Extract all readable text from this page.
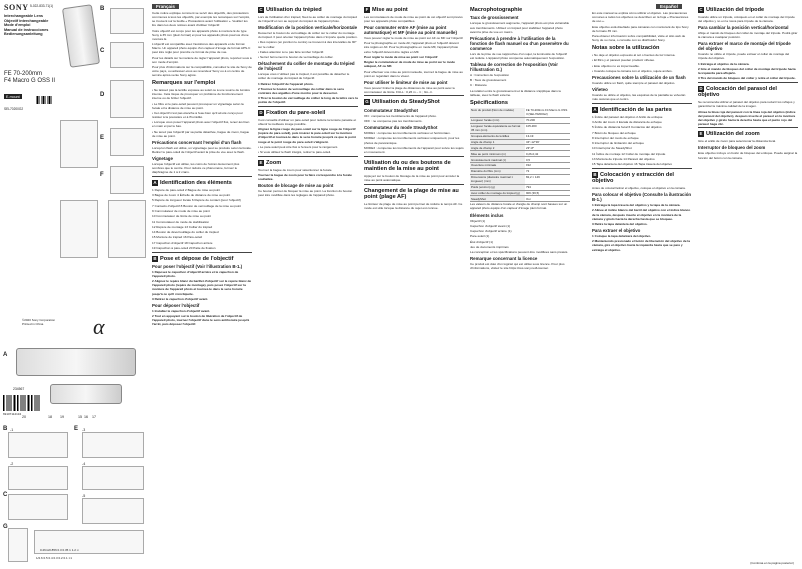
SONY 5-022-833-71(1)
Interchangeable Lens
Objectif interchangeable
Mode d'emploi
Manual de instrucciones
Bedienungsanleitung
FE 70-200mm
F4 Macro G OSS II
E-mount
SEL70200G2
B
C
D
E
F
©2020 Sony Corporation
Printed in China	α
A
234567
69107112134
20	18 19	15 16 17
B -1
-2
C
G
E -3
-4
-5
0.26m/0.85ft 0.3 0.35 1 1.2 ∞
1/2.6 0.5 0.4 0.3 0.2 0.1 ×1
Français

Cette notice explique comment se servir des objectifs, des précautions communes à tous les objectifs, par exemple les remarques sur l'emploi, se trouvent sur la feuille « Précautions avant l'utilisation ». Veuillez les lire dans les deux notices avant d'utiliser l'objectif.

Votre objectif est conçu pour les appareils photo à monture E de type Sony à 35 mm (plein format) et pour les appareils photo pourvus d'une monture E.

L'objectif est compatible avec l'autofocus des appareils et de format Macro. Un appareil photo équipé d'un capteur d'image de format APS-C peut être réglé pour prendre ce format de prise de vue.

Pour les détails sur la manière de régler l'appareil photo, reportez-vous à son mode d'emploi.

Pour plus d'informations sur la compatibilité, consultez le site de Sony de votre pays, ou adressez-vous au revendeur Sony ou à un centre de service après-vente Sony agréé.

Remarques sur l'emploi
• Ne laissez pas la lentille exposée au soleil ou à une source de lumière intense. Cela risque de provoquer un problème de fonctionnement interne ou de brûler l'objectif.
• Le filtre et le pare-soleil peuvent provoquer un vignettage selon la focale et la distance de mise au point.
• Cet objectif n'est pas étanche à l'eau bien qu'il ait été conçu pour résister à la poussière et à l'humidité.
• Lorsque vous posez l'appareil photo avec l'objectif fixé, tenez-les bien en main et par le bas.
• Ne tenez pas l'objectif par sa partie détachée, bague de zoom, bague de mise au point.
Précautions concernant l'emploi d'un flash

Lorsqu'un flash est utilisé, un vignettage peut se produire selon la focale. Retirez le pare-soleil de l'objectif avant la prise de vue avec le flash.

Vignetage

Lorsque l'objectif est utilisé, les coins de l'écran deviennent plus sombres que le centre. Pour réduire ce phénomène, fermez le diaphragme de 1 à 2 crans.

A Identification des éléments

1 Repère de pare-soleil 2 Bague de mise au point

3 Bague de zoom 4 Échelle de distance de mise au point

5 Repère de longueur focale 6 Repère de contact (pour l'objectif)

7 Contacts d'objectif 8 Bouton de verrouillage de la mise au point

9 Commutateur de mode de mise au point

10 Commutateur de limite de mise au point

11 Commutateur de mode de stabilisation

12 Repère de montage 13 Collier du trépied

14 Bouton de déverrouillage du collier du trépied

15 Monture de trépied 16 Pare-soleil

17 Capuchon d'objectif 18 Capuchon arrière

19 Capuchon à pare-soleil 20 Patte de fixation

B Pose et dépose de l'objectif
Pour poser l'objectif (Voir l'illustration B-1.)

1 Déposez le capuchon d'objectif arrière et le capuchon de l'appareil photo.

2 Alignez le repère blanc du barillet d'objectif sur le repère blanc de l'appareil photo (repère de montage), puis posez l'objectif sur la monture de l'appareil photo et tournez-le dans le sens horaire jusqu'à ce qu'il s'encliquète.

3 Retirez le capuchon d'objectif avant.

Pour déposer l'objectif

1 Installez le capuchon d'objectif avant.

2 Tout en appuyant sur le bouton de libération de l'objectif de l'appareil photo, tournez l'objectif dans le sens antihoraire jusqu'à l'arrêt, puis déposez l'objectif.

C Utilisation du trépied

Lors de l'utilisation d'un trépied, fixez-le au collier de montage du trépied de l'objectif et non au support du trépied de l'appareil photo.

Modification de la position verticale/horizontale

Desserrez le bouton de verrouillage du collier sur le collier du montage du trépied. Il peut orienter l'appareil photo dans n'importe quelle position.

• Des repères (en jonction le centre) se trouvent à des intervalles de 90° sur le collier.
• Faites attention à ne pas faire tomber l'objectif.
• Serrez fermement le bouton de verrouillage du collier.
Détachement du collier de montage du trépied de l'objectif

Lorsque vous n'utilisez pas le trépied, il est possible de détacher le collier du montage du trépied de l'objectif.

1 Retirez l'objectif de l'appareil photo.

2 Tournez le bouton de verrouillage du collier dans le sens contraire des aiguilles d'une montre pour le desserrer.

3 Tirez le bouton de verrouillage du collier le long de la lettre vers la pointe de l'objectif.

D Fixation du pare-soleil

Il est conseillé d'utiliser un pare-soleil pour réduire la lumière parasite et obtenir la meilleure image possible.

Alignez la ligne rouge du pare-soleil sur la ligne rouge de l'objectif (repère de pare-soleil), puis insérez le pare-soleil sur la monture d'objectif et tournez-le dans le sens horaire jusqu'à ce que le point rouge et le point rouge du pare-soleil s'alignent.

• Le pare-soleil peut être fixé à l'envers pour le rangement.
• Si vous utilisez le flash intégré, retirez le pare-soleil.
E Zoom

Tournez la bague de zoom pour sélectionner la focale.

Tournez la bague de zoom pour la faire correspondre à la focale souhaitée.

Bouton de blocage de mise au point

Ce bouton permet de bloquer la mise au point. La fonction du bouton peut être modifiée dans les réglages de l'appareil photo.

F Mise au point

Les commutateurs de mode de mise au point de cet objectif sont prévus pour les appareils photo compatibles.

Pour commuter entre AF (mise au point automatique) et MF (mise au point manuelle)

Vous pouvez régler le mode de mise au point sur AF ou MF sur l'objectif.

Pour la photographie en mode AF, l'appareil photo et l'objectif doivent être réglés en AF. Pour la photographie en mode MF, l'appareil photo et/ou l'objectif doivent être réglés en MF.

Pour régler le mode de mise au point sur l'objectif

Réglez le commutateur de mode de mise au point sur le mode adéquat, AF ou MF.

Pour effectuer une mise au point manuelle, tournez la bague de mise au point en regardant dans le viseur.

Pour utiliser le limiteur de mise au point

Vous pouvez limiter la plage de distances de mise au point avec le commutateur de limite. FULL : 0,26 m – ∞ ; 3m–∞.

G Utilisation du SteadyShot
Commutateur SteadyShot

ON : compense les tremblements de l'appareil photo.

OFF : ne compense pas les tremblements.

Commutateur du mode SteadyShot

MODE1 : compense les tremblements verticaux et horizontaux.

MODE2 : compense les tremblements verticaux uniquement, pour les photos de panoramique.

MODE3 : compense les tremblements de l'appareil pour suivre les sujets en mouvement.

Utilisation du ou des boutons de maintien de la mise au point

Appuyez sur le bouton de blocage de la mise au point pour annuler la mise au point automatique.

Changement de la plage de mise au point (plage AF)

Le limiteur de plage de mise au point permet de réduire le temps AF. Ce mode est utile lorsque la distance du sujet est connue.

Macrophotographie
Taux de grossissement

Lorsque le grossissement augmente, l'appareil photo est plus vulnérable aux tremblements. Utilisez un trépied pour stabiliser l'appareil photo avant la prise de vue en macro.

Précautions à prendre à l'utilisation de la fonction de flash manuel ou d'un posemètre du commerce

Lors de la prise de vue rapprochée d'un sujet, la luminosité de l'objectif est réduite. L'appareil photo compense automatiquement l'exposition.

Tableau de correction de l'exposition (Voir l'illustration G.)

A : Correction de l'exposition

B : Taux de grossissement

C : Distance

La relation entre le grossissement et la distance s'applique dans le tableau, avec le flash externe.

Spécifications
Nom du produit (Nom de modèle)	FE 70-200mm F4 Macro G OSS II (SEL70200G2)
Longueur focale (mm)	70-200
Longueur focale équivalente au format 35 mm (mm)	105-300
Groupes-éléments de lentilles	13-19
Angle de champ 1	34°-12°30'
Angle de champ 2	23°-8°
Mise au point minimum (m)	0,26-0,42
Grossissement maximal (×)	0,5
Ouverture minimale	f/22
Diamètre du filtre (mm)	72
Dimensions (diamètre maximal × longueur) (mm)	82,2 × 149
Poids (environ) (g)	794
Avec collier de montage du trépied (g)	906 (36,5)
SteadyShot	Oui

Les valeurs de distance focale et d'angle de champ sont basées sur un appareil photo équipé d'un capteur d'image plein format.

Éléments inclus

Objectif (1)

Capuchon d'objectif avant (1)

Capuchon d'objectif arrière (1)

Pare-soleil (1)

Étui d'objectif (1)

Jeu de documents imprimés

La conception et les spécifications peuvent être modifiées sans préavis.

Remarque concernant la licence

Ce produit est doté d'un logiciel qui est utilisé sous licence. Pour plus d'informations, visitez le site https://oss.sony.net/License/.

Español

En este manual se explica cómo utilizar el objetivo. Las precauciones comunes a todos los objetivos se describen en la hoja « Precauciones de uso ».

Este objetivo está diseñado para cámaras con montura E de tipo Sony de formato 35 mm.

Para obtener información sobre compatibilidad, visite el sitio web de Sony de su zona, o consulte con su distribuidor Sony.

Notas sobre la utilización
• No deje el objetivo expuesto al sol o fuentes de luz intensa.
• El filtro y el parasol pueden producir viñeteo.
• Este objetivo no es impermeable.
• Cuando coloque la cámara con el objetivo, sujete ambos.
Precauciones sobre la utilización de un flash

Cuando utilice un flash, quite siempre el parasol del objetivo.

Viñeteo

Cuando se utilice el objetivo, las esquinas de la pantalla se volverán más oscuras que el centro.

A Identificación de las partes

1 Índice del parasol del objetivo 2 Anillo de enfoque

3 Anillo del zoom 4 Escala de distancia de enfoque

5 Índice de distancia focal 6 Contactos del objetivo

7 Botón de bloqueo del enfoque

8 Interruptor del modo de enfoque

9 Interruptor de limitación del enfoque

10 Interruptor de SteadyShot

11 Índice de montaje 12 Collar de montaje del trípode

13 Montura de trípode 14 Parasol del objetivo

15 Tapa delantera del objetivo 16 Tapa trasera del objetivo

B Colocación y extracción del objetivo

Antes de colocar/retirar el objetivo, coloque el objetivo en la cámara.

Para colocar el objetivo (Consulte la ilustración B-1.)

1 Extraiga la tapa trasera del objetivo y la tapa de la cámara.

2 Alinee el índice blanco del barril del objetivo con el índice blanco de la cámara, después inserte el objetivo en la montura de la cámara y gírelo hacia la derecha hasta que se bloquee.

3 Retire la tapa delantera del objetivo.

Para extraer el objetivo

1 Coloque la tapa delantera del objetivo.

2 Manteniendo presionado el botón de liberación del objetivo de la cámara, gire el objetivo hacia la izquierda hasta que se pare y extraiga el objetivo.

C Utilización del trípode

Cuando utilice un trípode, colóquelo en el collar de montaje del trípode del objetivo y no en la rosca para trípode de la cámara.

Para cambiar la posición vertical/horizontal

Afloje el mando de bloqueo del collar de montaje del trípode. Podrá girar la cámara a cualquier posición.

Para extraer el marco de montaje del trípode del objetivo

Cuando no utilice el trípode, puede extraer el collar de montaje del trípode del objetivo.

1 Extraiga el objetivo de la cámara.

2 Gire el mando de bloqueo del collar de montaje del trípode hacia la izquierda para aflojarlo.

3 Tire del mando de bloqueo del collar y retire el collar del trípode.

D Colocación del parasol del objetivo

Se recomienda utilizar el parasol del objetivo para reducir los reflejos y garantizar la máxima calidad de la imagen.

Alinee la línea roja del parasol con la línea roja del objetivo (índice del parasol del objetivo), después inserte el parasol en la montura del objetivo y gírelo hacia la derecha hasta que el punto rojo del parasol haga clic.

E Utilización del zoom

Gire el anillo de zoom para seleccionar la distancia focal.

Interruptor de bloqueo del zoom

Este objetivo incluye un botón de bloqueo del enfoque. Puede asignar la función del botón con la cámara.

(Continúa en la página posterior)
